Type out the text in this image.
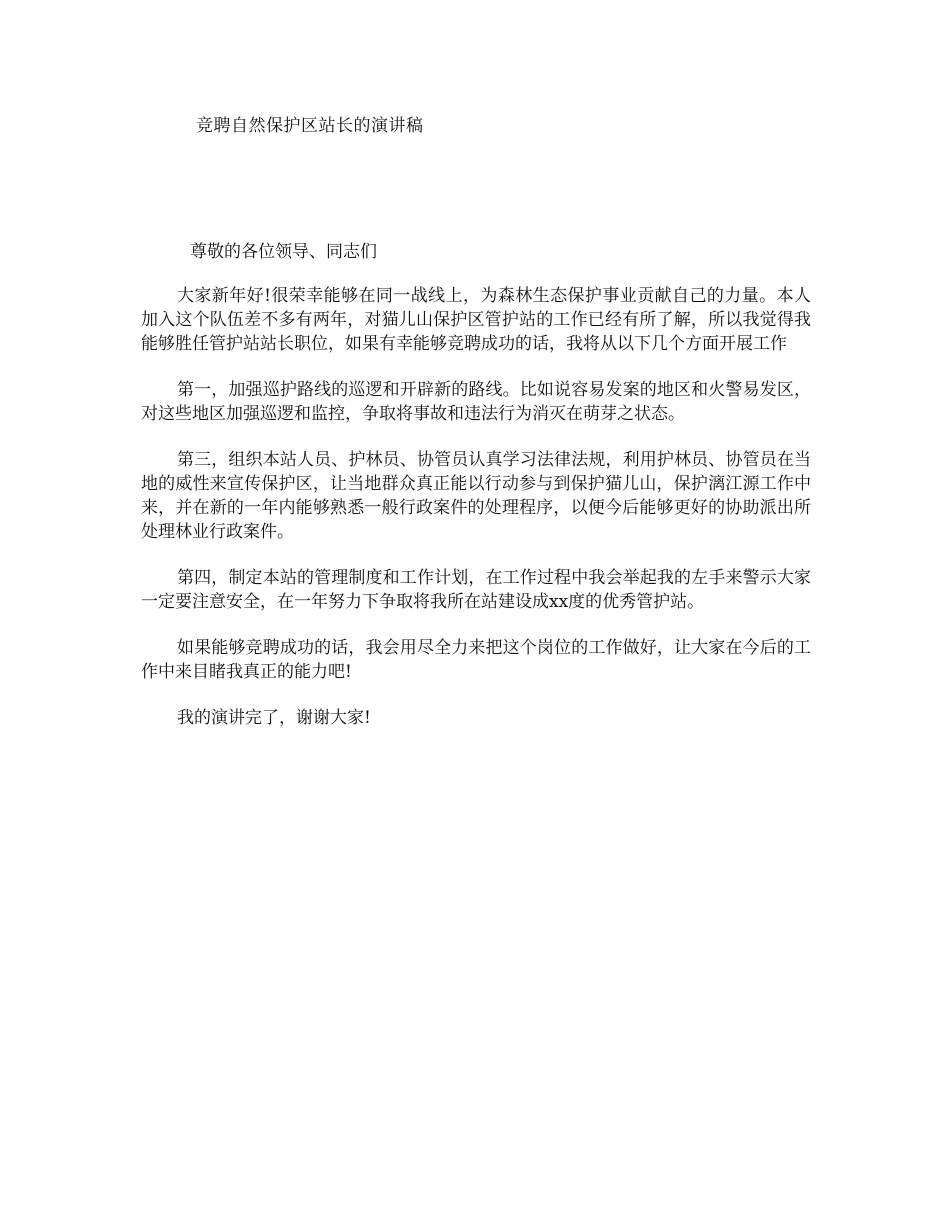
竞聘自然保护区站长的演讲稿
尊敬的各位领导、同志们

大家新年好!很荣幸能够在同一战线上，为森林生态保护事业贡献自己的力量。本人加入这个队伍差不多有两年，对猫儿山保护区管护站的工作已经有所了解，所以我觉得我能够胜任管护站站长职位，如果有幸能够竞聘成功的话，我将从以下几个方面开展工作

第一，加强巡护路线的巡逻和开辟新的路线。比如说容易发案的地区和火警易发区，对这些地区加强巡逻和监控，争取将事故和违法行为消灭在萌芽之状态。

第三，组织本站人员、护林员、协管员认真学习法律法规，利用护林员、协管员在当地的威性来宣传保护区，让当地群众真正能以行动参与到保护猫儿山，保护漓江源工作中来，并在新的一年内能够熟悉一般行政案件的处理程序，以便今后能够更好的协助派出所处理林业行政案件。

第四，制定本站的管理制度和工作计划，在工作过程中我会举起我的左手来警示大家一定要注意安全，在一年努力下争取将我所在站建设成xx度的优秀管护站。

如果能够竞聘成功的话，我会用尽全力来把这个岗位的工作做好，让大家在今后的工作中来目睹我真正的能力吧!

我的演讲完了，谢谢大家!
